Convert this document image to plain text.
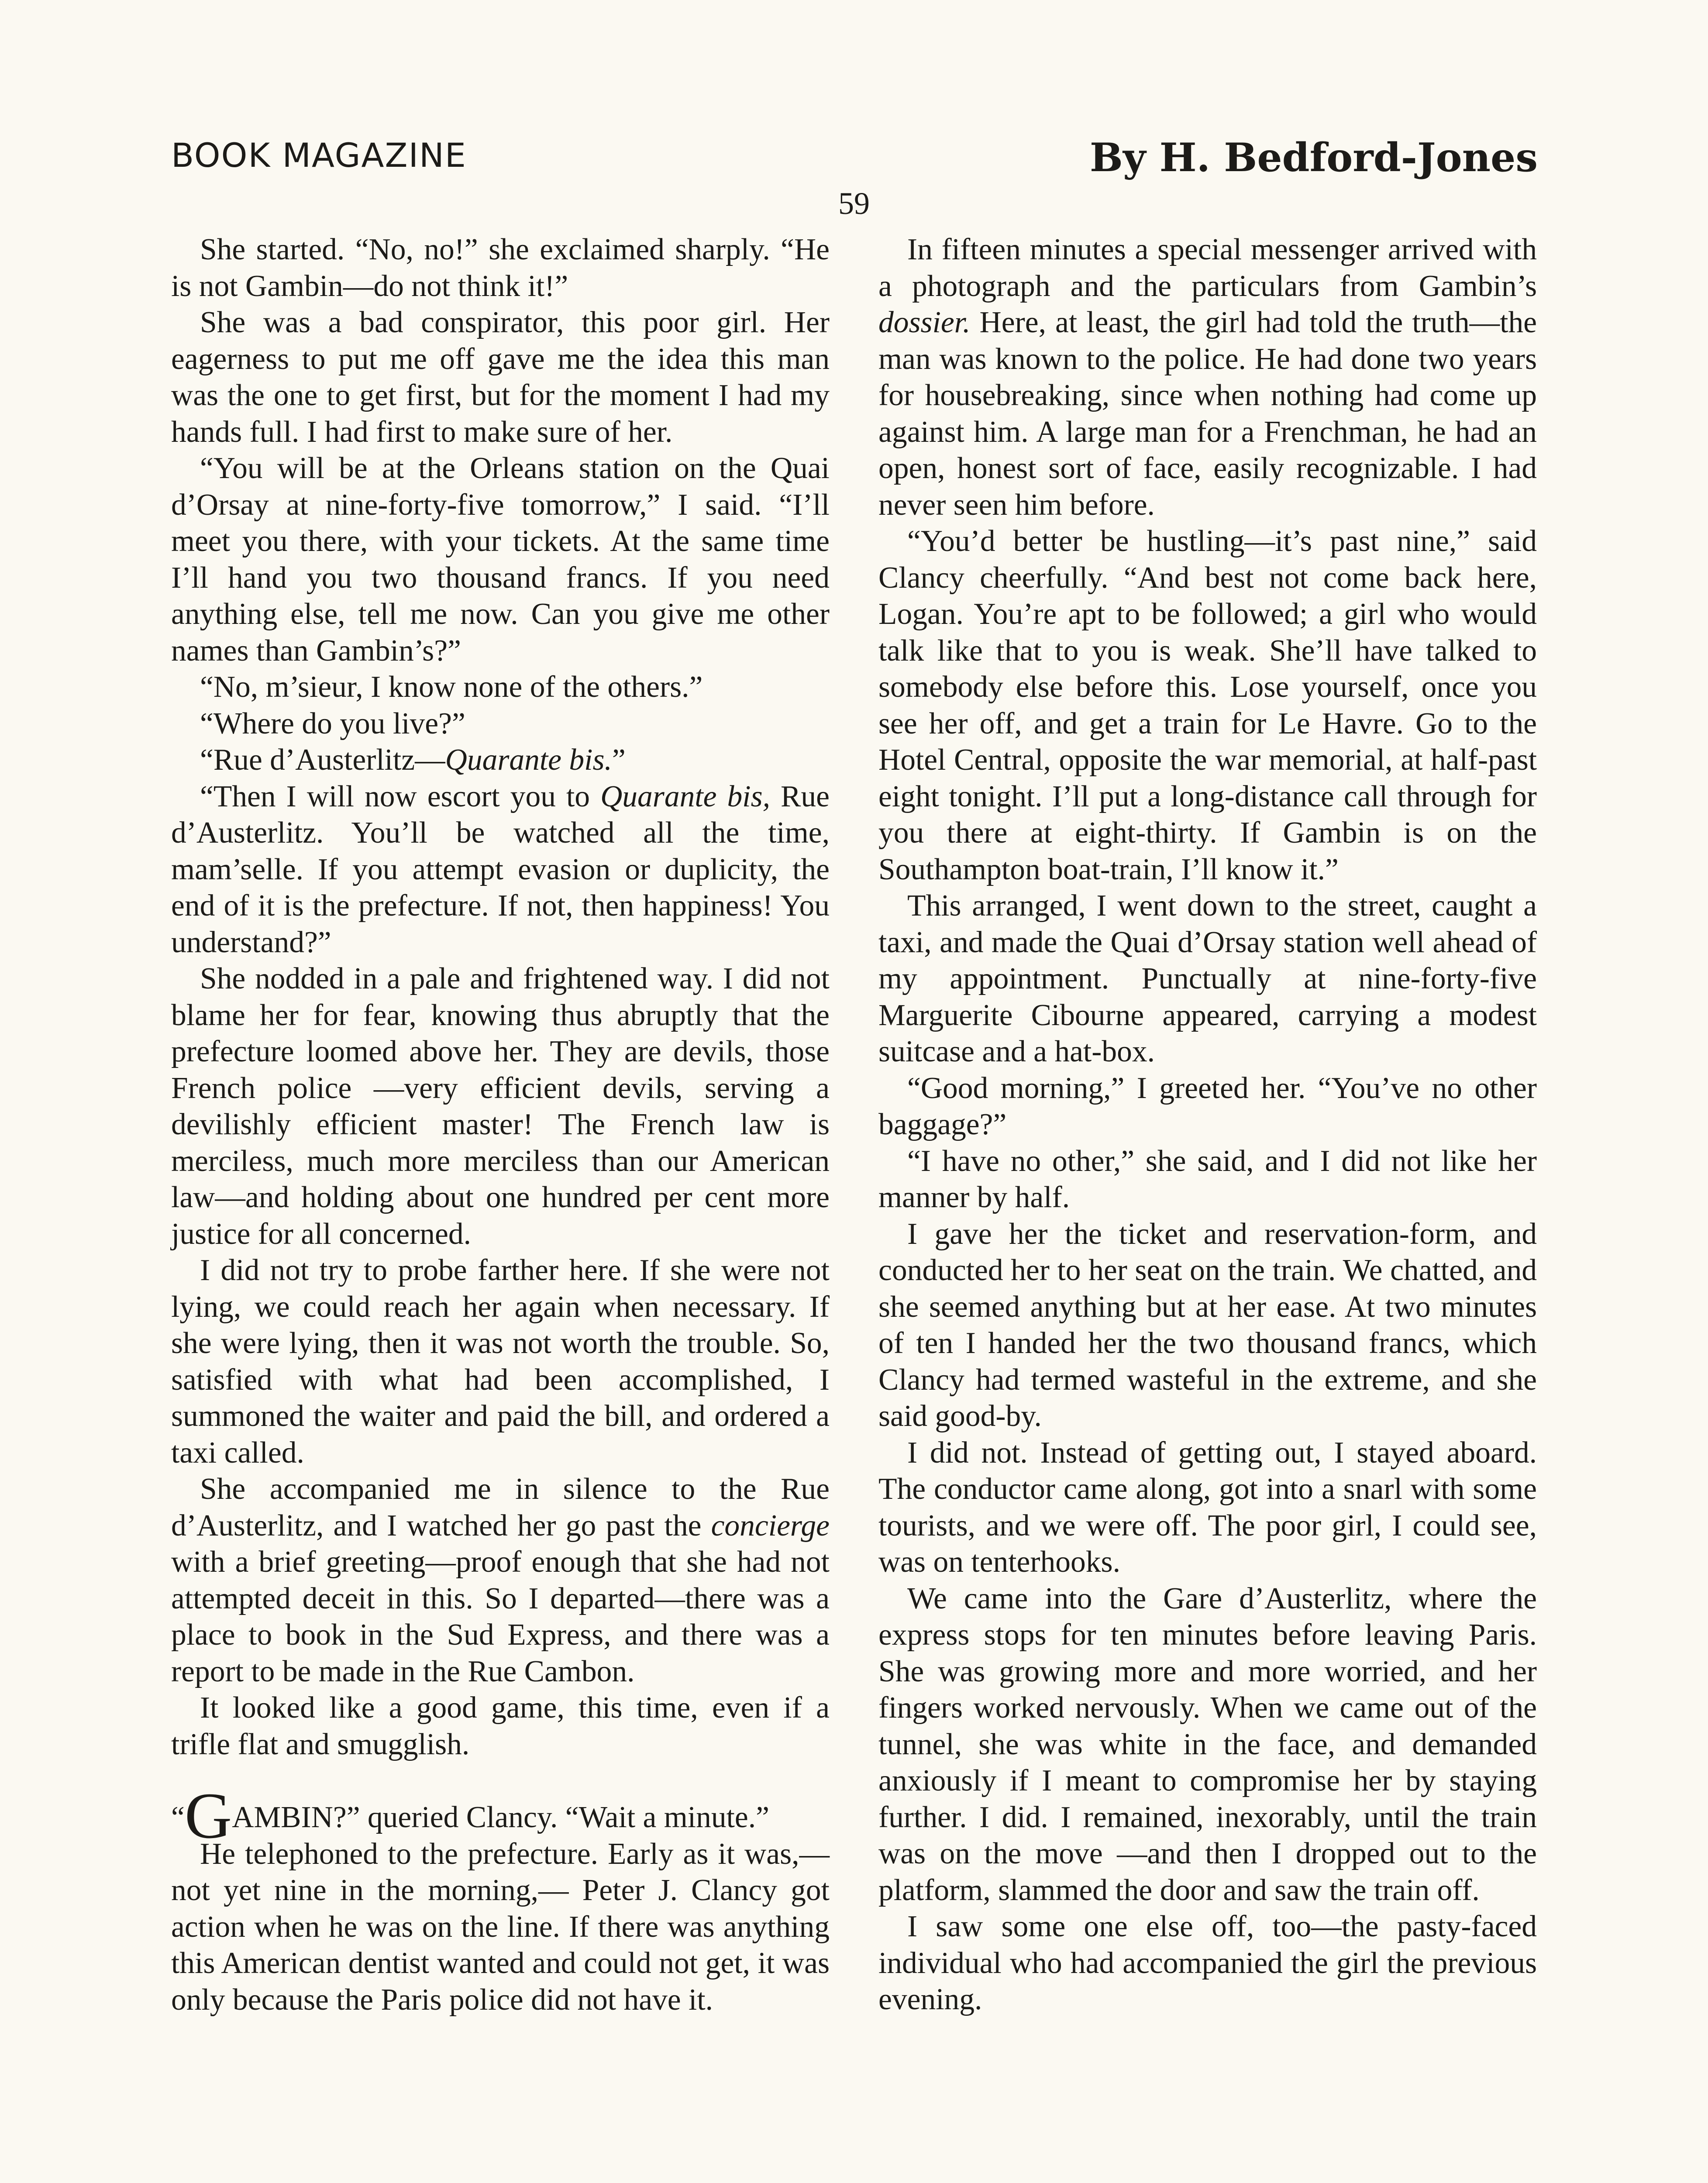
BOOK MAGAZINE
59
By H. Bedford-Jones

She started. “No, no!” she exclaimed sharply. “He is not Gambin—do not think it!”

She was a bad conspirator, this poor girl. Her eagerness to put me off gave me the idea this man was the one to get first, but for the moment I had my hands full. I had first to make sure of her.

“You will be at the Orleans station on the Quai d’Orsay at nine-forty-five tomorrow,” I said. “I’ll meet you there, with your tickets. At the same time I’ll hand you two thousand francs. If you need anything else, tell me now. Can you give me other names than Gambin’s?”

“No, m’sieur, I know none of the others.”

“Where do you live?”

“Rue d’Austerlitz—Quarante bis.”

“Then I will now escort you to Quarante bis, Rue d’Austerlitz. You’ll be watched all the time, mam’selle. If you attempt evasion or duplicity, the end of it is the prefecture. If not, then happiness! You understand?”

She nodded in a pale and frightened way. I did not blame her for fear, knowing thus abruptly that the prefecture loomed above her. They are devils, those French police —very efficient devils, serving a devilishly efficient master! The French law is merciless, much more merciless than our American law—and holding about one hundred per cent more justice for all concerned.

I did not try to probe farther here. If she were not lying, we could reach her again when necessary. If she were lying, then it was not worth the trouble. So, satisfied with what had been accomplished, I summoned the waiter and paid the bill, and ordered a taxi called.

She accompanied me in silence to the Rue d’Austerlitz, and I watched her go past the concierge with a brief greeting—proof enough that she had not attempted deceit in this. So I departed—there was a place to book in the Sud Express, and there was a report to be made in the Rue Cambon.

It looked like a good game, this time, even if a trifle flat and smugglish.

“GAMBIN?” queried Clancy. “Wait a minute.”

He telephoned to the prefecture. Early as it was,—not yet nine in the morning,— Peter J. Clancy got action when he was on the line. If there was anything this American dentist wanted and could not get, it was only because the Paris police did not have it.

In fifteen minutes a special messenger arrived with a photograph and the particulars from Gambin’s dossier. Here, at least, the girl had told the truth—the man was known to the police. He had done two years for housebreaking, since when nothing had come up against him. A large man for a Frenchman, he had an open, honest sort of face, easily recognizable. I had never seen him before.

“You’d better be hustling—it’s past nine,” said Clancy cheerfully. “And best not come back here, Logan. You’re apt to be followed; a girl who would talk like that to you is weak. She’ll have talked to somebody else before this. Lose yourself, once you see her off, and get a train for Le Havre. Go to the Hotel Central, opposite the war memorial, at half-past eight tonight. I’ll put a long-distance call through for you there at eight-thirty. If Gambin is on the Southampton boat-train, I’ll know it.”

This arranged, I went down to the street, caught a taxi, and made the Quai d’Orsay station well ahead of my appointment. Punctually at nine-forty-five Marguerite Cibourne appeared, carrying a modest suitcase and a hat-box.

“Good morning,” I greeted her. “You’ve no other baggage?”

“I have no other,” she said, and I did not like her manner by half.

I gave her the ticket and reservation-form, and conducted her to her seat on the train. We chatted, and she seemed anything but at her ease. At two minutes of ten I handed her the two thousand francs, which Clancy had termed wasteful in the extreme, and she said good-by.

I did not. Instead of getting out, I stayed aboard. The conductor came along, got into a snarl with some tourists, and we were off. The poor girl, I could see, was on tenterhooks.

We came into the Gare d’Austerlitz, where the express stops for ten minutes before leaving Paris. She was growing more and more worried, and her fingers worked nervously. When we came out of the tunnel, she was white in the face, and demanded anxiously if I meant to compromise her by staying further. I did. I remained, inexorably, until the train was on the move —and then I dropped out to the platform, slammed the door and saw the train off.

I saw some one else off, too—the pasty-faced individual who had accompanied the girl the previous evening.
